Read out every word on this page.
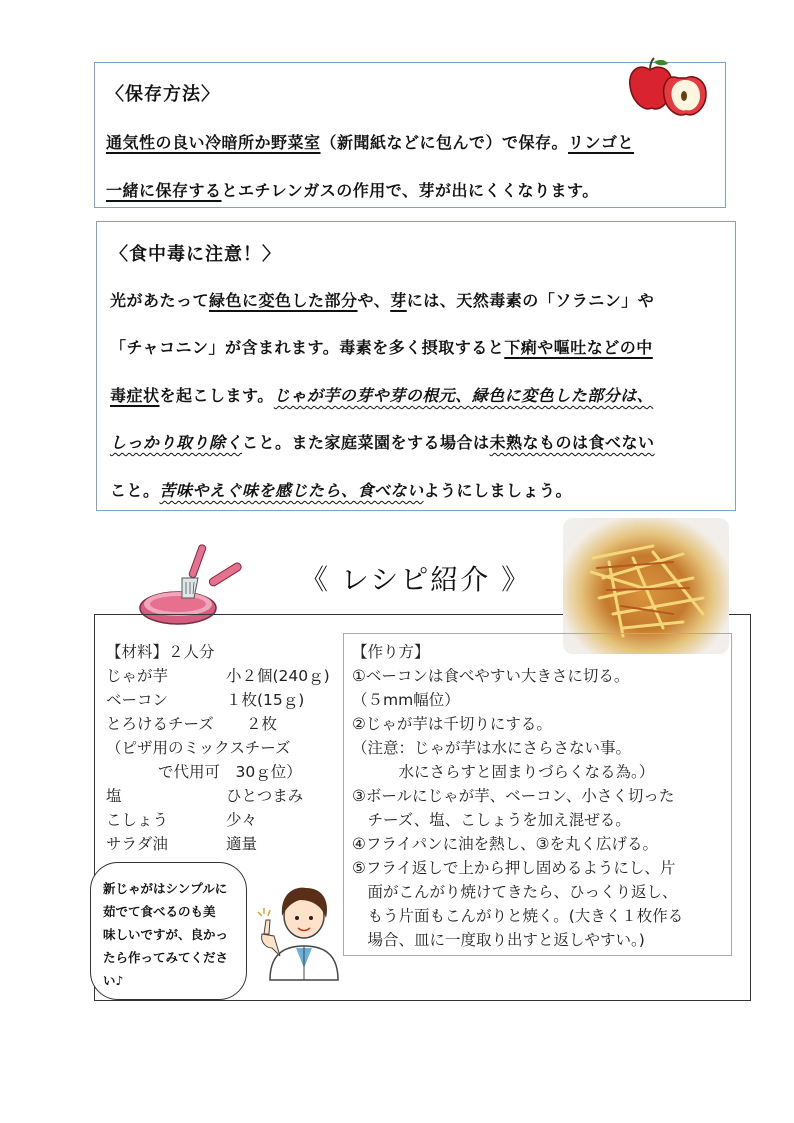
〈保存方法〉
通気性の良い冷暗所か野菜室（新聞紙などに包んで）で保存。リンゴと
一緒に保存するとエチレンガスの作用で、芽が出にくくなります。
〈食中毒に注意！〉
光があたって緑色に変色した部分や、芽には、天然毒素の「ソラニン」や
「チャコニン」が含まれます。毒素を多く摂取すると下痢や嘔吐などの中
毒症状を起こします。じゃが芋の芽や芽の根元、緑色に変色した部分は、
しっかり取り除くこと。また家庭菜園をする場合は未熟なものは食べない
こと。苦味やえぐ味を感じたら、食べないようにしましょう。
《 レシピ紹介 》
【材料】２人分
じゃが芋	小２個(240ｇ)
ベーコン	１枚(15ｇ)
とろけるチーズ	２枚
（ピザ用のミックスチーズ
で代用可　30ｇ位）
塩	ひとつまみ
こしょう	少々
サラダ油	適量
【作り方】
①ベーコンは食べやすい大きさに切る。
（５mm幅位）
②じゃが芋は千切りにする。
（注意：じゃが芋は水にさらさない事。
　　　水にさらすと固まりづらくなる為。）
③ボールにじゃが芋、ベーコン、小さく切った
　チーズ、塩、こしょうを加え混ぜる。
④フライパンに油を熱し、③を丸く広げる。
⑤フライ返しで上から押し固めるようにし、片
　面がこんがり焼けてきたら、ひっくり返し、
　もう片面もこんがりと焼く。(大きく１枚作る
　場合、皿に一度取り出すと返しやすい。)
新じゃがはシンプルに
茹でて食べるのも美
味しいですが、良かっ
たら作ってみてくださ
い♪
